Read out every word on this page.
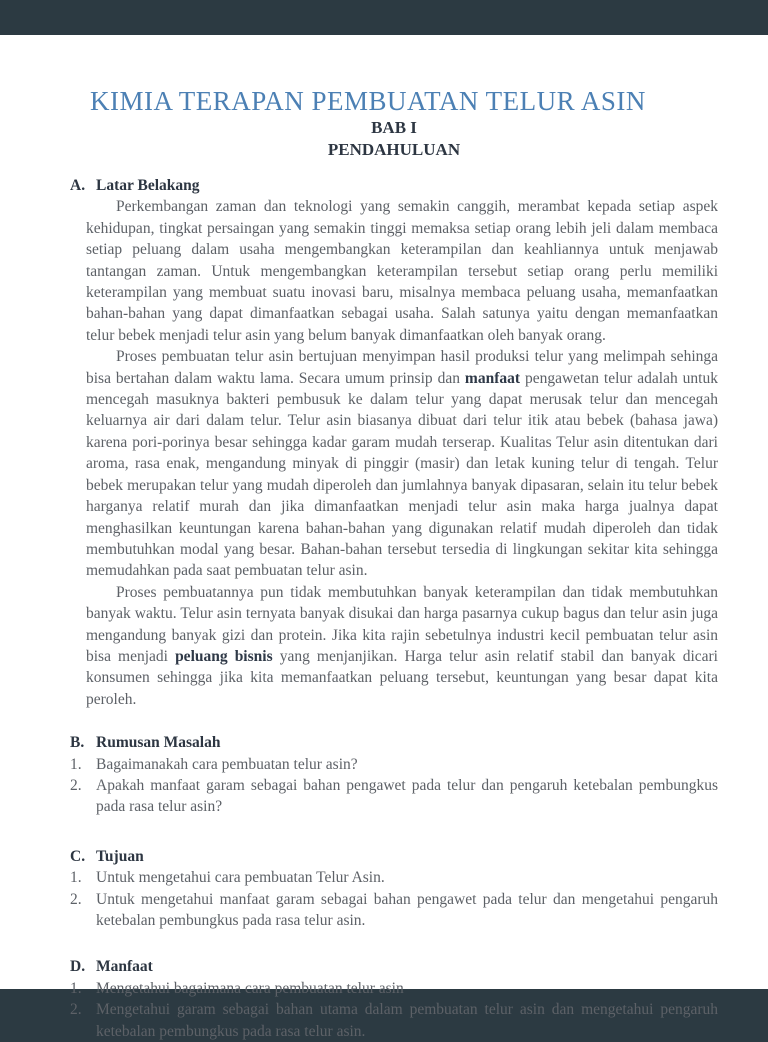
KIMIA TERAPAN PEMBUATAN TELUR ASIN
BAB I
PENDAHULUAN
A. Latar Belakang

Perkembangan zaman dan teknologi yang semakin canggih, merambat kepada setiap aspek kehidupan, tingkat persaingan yang semakin tinggi memaksa setiap orang lebih jeli dalam membaca setiap peluang dalam usaha mengembangkan keterampilan dan keahliannya untuk menjawab tantangan zaman. Untuk mengembangkan keterampilan tersebut setiap orang perlu memiliki keterampilan yang membuat suatu inovasi baru, misalnya membaca peluang usaha, memanfaatkan bahan-bahan yang dapat dimanfaatkan sebagai usaha. Salah satunya yaitu dengan memanfaatkan telur bebek menjadi telur asin yang belum banyak dimanfaatkan oleh banyak orang.

Proses pembuatan telur asin bertujuan menyimpan hasil produksi telur yang melimpah sehinga bisa bertahan dalam waktu lama. Secara umum prinsip dan manfaat pengawetan telur adalah untuk mencegah masuknya bakteri pembusuk ke dalam telur yang dapat merusak telur dan mencegah keluarnya air dari dalam telur. Telur asin biasanya dibuat dari telur itik atau bebek (bahasa jawa) karena pori-porinya besar sehingga kadar garam mudah terserap. Kualitas Telur asin ditentukan dari aroma, rasa enak, mengandung minyak di pinggir (masir) dan letak kuning telur di tengah. Telur bebek merupakan telur yang mudah diperoleh dan jumlahnya banyak dipasaran, selain itu telur bebek harganya relatif murah dan jika dimanfaatkan menjadi telur asin maka harga jualnya dapat menghasilkan keuntungan karena bahan-bahan yang digunakan relatif mudah diperoleh dan tidak membutuhkan modal yang besar. Bahan-bahan tersebut tersedia di lingkungan sekitar kita sehingga memudahkan pada saat pembuatan telur asin.

Proses pembuatannya pun tidak membutuhkan banyak keterampilan dan tidak membutuhkan banyak waktu. Telur asin ternyata banyak disukai dan harga pasarnya cukup bagus dan telur asin juga mengandung banyak gizi dan protein. Jika kita rajin sebetulnya industri kecil pembuatan telur asin bisa menjadi peluang bisnis yang menjanjikan. Harga telur asin relatif stabil dan banyak dicari konsumen sehingga jika kita memanfaatkan peluang tersebut, keuntungan yang besar dapat kita peroleh.

B. Rumusan Masalah
1. Bagaimanakah cara pembuatan telur asin?
2. Apakah manfaat garam sebagai bahan pengawet pada telur dan pengaruh ketebalan pembungkus pada rasa telur asin?
C. Tujuan
1. Untuk mengetahui cara pembuatan Telur Asin.
2. Untuk mengetahui manfaat garam sebagai bahan pengawet pada telur dan mengetahui pengaruh ketebalan pembungkus pada rasa telur asin.
D. Manfaat
1. Mengetahui bagaimana cara pembuatan telur asin
2. Mengetahui garam sebagai bahan utama dalam pembuatan telur asin dan mengetahui pengaruh ketebalan pembungkus pada rasa telur asin.
